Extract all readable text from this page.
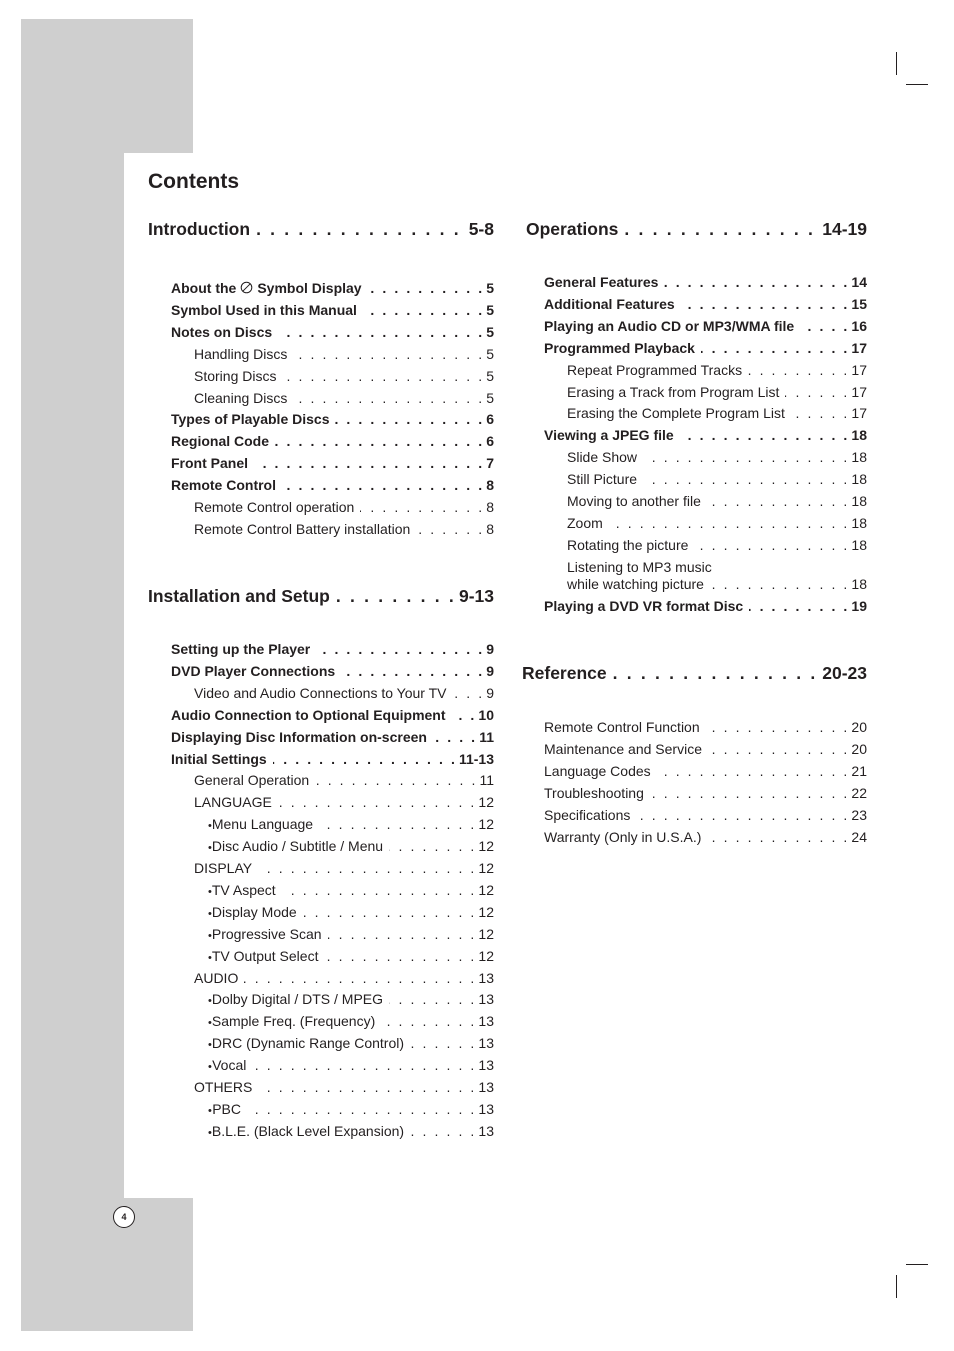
Contents
Introduction . . .	5-8
About the Symbol Display . . .	5
Symbol Used in this Manual . . .	5
Notes on Discs . . .	5
Handling Discs . . .	5
Storing Discs . . .	5
Cleaning Discs . . .	5
Types of Playable Discs . . .	6
Regional Code . . .	6
Front Panel . . .	7
Remote Control . . .	8
Remote Control operation . . .	8
Remote Control Battery installation . . .	8
Installation and Setup . . .	9-13
Setting up the Player . . .	9
DVD Player Connections . . .	9
Video and Audio Connections to Your TV . . .	9
Audio Connection to Optional Equipment . . . 10
Displaying Disc Information on-screen . . .	11
Initial Settings . . .	11-13
General Operation . . .	11
LANGUAGE . . .	12
• Menu Language . . .	12
• Disc Audio / Subtitle / Menu . . .	12
DISPLAY . . .	12
• TV Aspect . . .	12
• Display Mode . . .	12
• Progressive Scan . . .	12
• TV Output Select . . .	12
AUDIO . . .	13
• Dolby Digital / DTS / MPEG . . .	13
• Sample Freq. (Frequency) . . .	13
• DRC (Dynamic Range Control) . . .	13
• Vocal . . .	13
OTHERS . . .	13
• PBC . . .	13
• B.L.E. (Black Level Expansion) . . .	13
Operations . . .	14-19
General Features . . .	14
Additional Features . . .	15
Playing an Audio CD or MP3/WMA file . . .	16
Programmed Playback . . .	17
Repeat Programmed Tracks . . .	17
Erasing a Track from Program List . . .	17
Erasing the Complete Program List . . .	17
Viewing a JPEG file . . .	18
Slide Show . . .	18
Still Picture . . .	18
Moving to another file . . .	18
Zoom . . .	18
Rotating the picture . . .	18
Listening to MP3 music
while watching picture . . .	18
Playing a DVD VR format Disc . . .	19
Reference . . .	20-23
Remote Control Function . . .	20
Maintenance and Service . . .	20
Language Codes . . .	21
Troubleshooting . . .	22
Specifications . . .	23
Warranty (Only in U.S.A.) . . .	24
4
